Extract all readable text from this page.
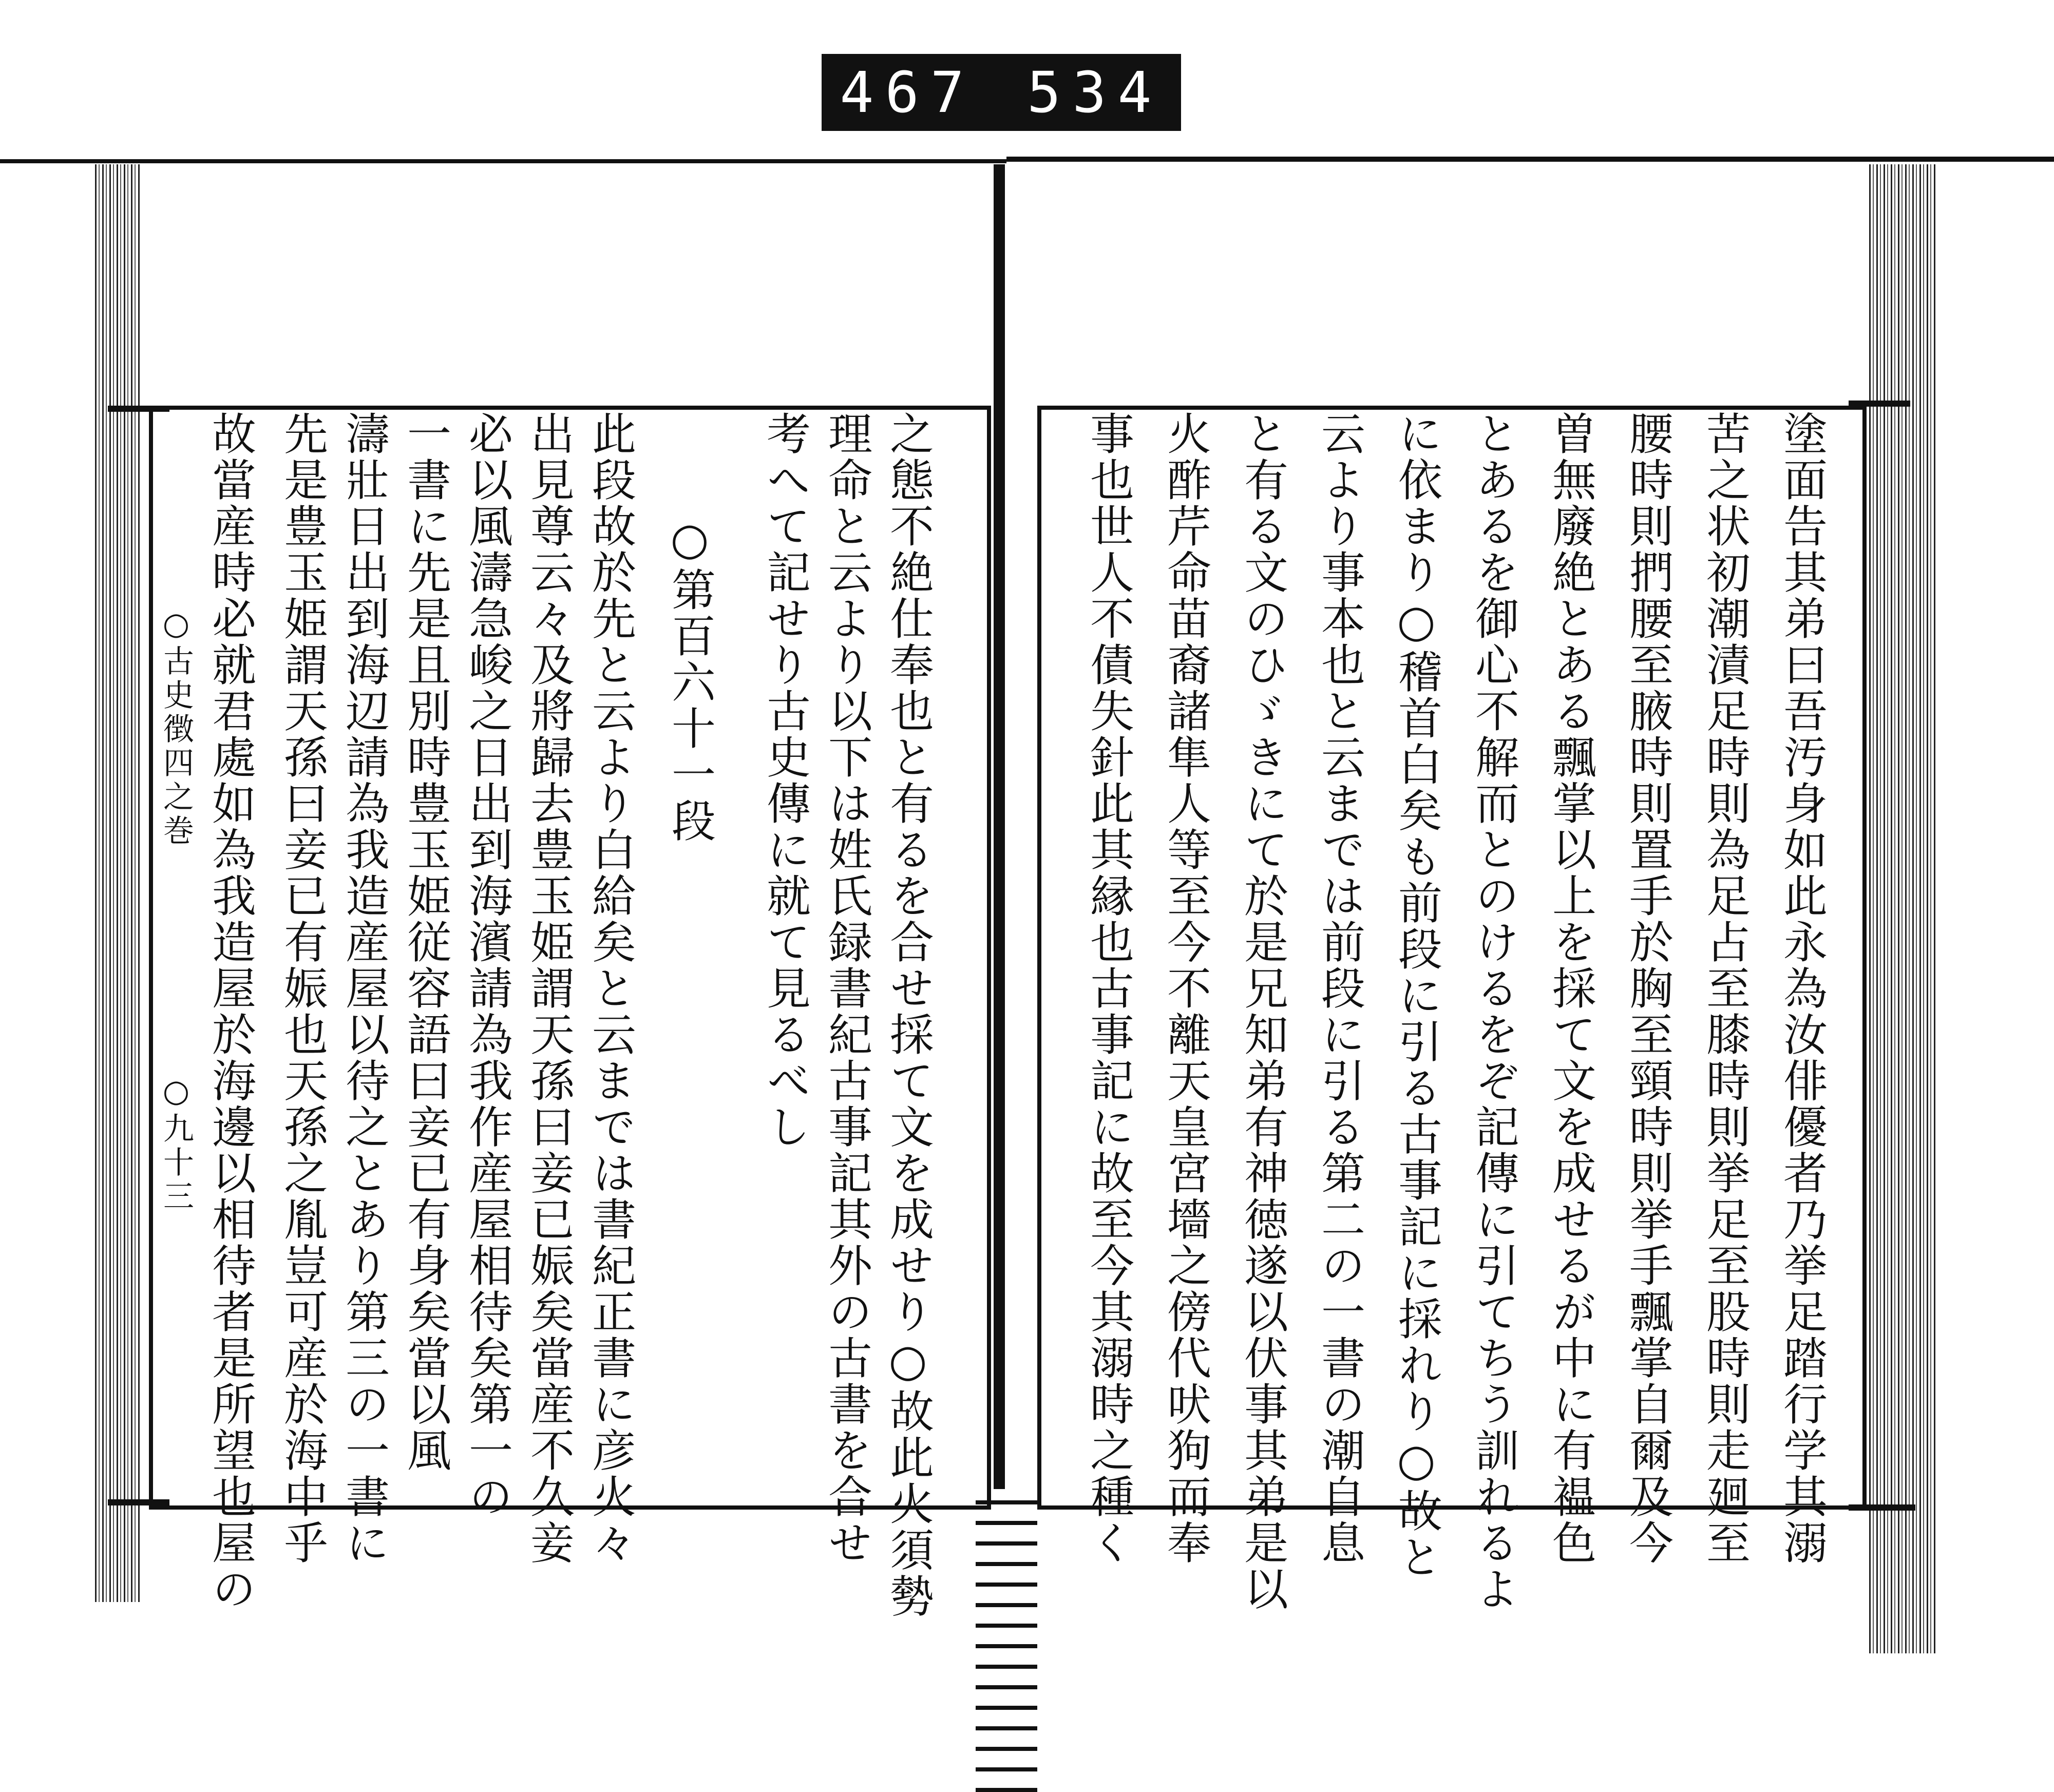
467 534
塗面告其弟曰吾汚身如此永為汝俳優者乃挙足踏行学其溺
苦之状初潮漬足時則為足占至膝時則挙足至股時則走廻至
腰時則捫腰至腋時則置手於胸至頸時則挙手飄掌自爾及今
曽無廢絶とある飄掌以上を採て文を成せるが中に有褞色
とあるを御心不解而とのけるをぞ記傳に引てちう訓れるよ
に依まり○稽首白矣も前段に引る古事記に採れり○故と
云より事本也と云までは前段に引る第二の一書の潮自息
と有る文のひゞきにて於是兄知弟有神徳遂以伏事其弟是以
火酢芹命苗裔諸隼人等至今不離天皇宮墻之傍代吠狗而奉
事也世人不債失針此其縁也古事記に故至今其溺時之種く
之態不絶仕奉也と有るを合せ採て文を成せり○故此火須勢
理命と云より以下は姓氏録書紀古事記其外の古書を合せ
考へて記せり古史傳に就て見るべし
○第百六十一段
此段故於先と云より白給矣と云までは書紀正書に彦火々
出見尊云々及將歸去豊玉姫謂天孫曰妾已娠矣當産不久妾
必以風濤急峻之日出到海濱請為我作産屋相待矣第一の
一書に先是且別時豊玉姫従容語曰妾已有身矣當以風
濤壯日出到海辺請為我造産屋以待之とあり第三の一書に
先是豊玉姫謂天孫曰妾已有娠也天孫之胤豈可産於海中乎
故當産時必就君處如為我造屋於海邊以相待者是所望也屋の
○古史徴四之巻
○九十三
